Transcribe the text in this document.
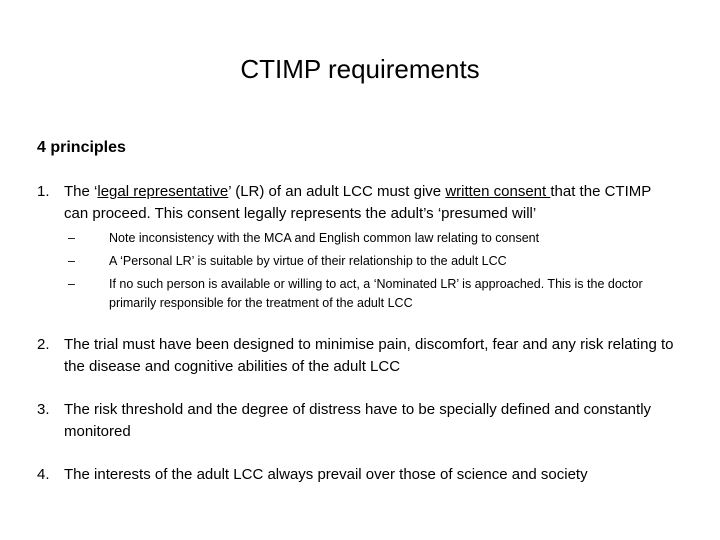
CTIMP requirements
4 principles
1. The ‘legal representative’ (LR) of an adult LCC must give written consent that the CTIMP can proceed. This consent legally represents the adult’s ‘presumed will’
–	Note inconsistency with the MCA and English common law relating to consent
–	A ‘Personal LR’ is suitable by virtue of their relationship to the adult LCC
–	If no such person is available or willing to act, a ‘Nominated LR’ is approached. This is the doctor primarily responsible for the treatment of the adult LCC
2. The trial must have been designed to minimise pain, discomfort, fear and any risk relating to the disease and cognitive abilities of the adult LCC
3. The risk threshold and the degree of distress have to be specially defined and constantly monitored
4. The interests of the adult LCC always prevail over those of science and society
